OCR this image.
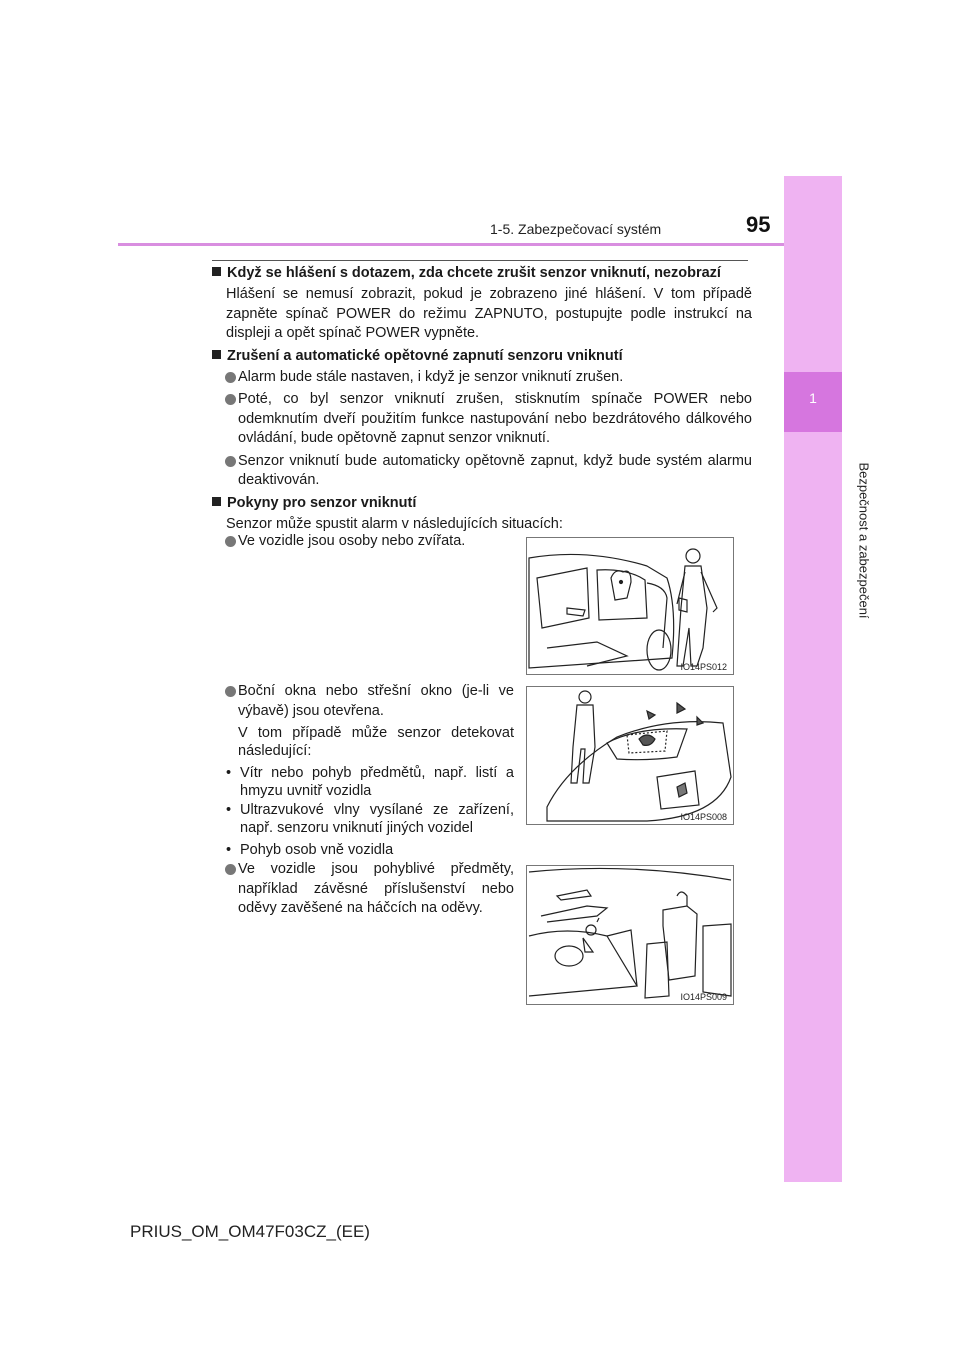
1
Bezpečnost a zabezpečení
1-5. Zabezpečovací systém	95
Když se hlášení s dotazem, zda chcete zrušit senzor vniknutí, nezobrazí
Hlášení se nemusí zobrazit, pokud je zobrazeno jiné hlášení. V tom případě zapněte spínač POWER do režimu ZAPNUTO, postupujte podle instrukcí na displeji a opět spínač POWER vypněte.
Zrušení a automatické opětovné zapnutí senzoru vniknutí
Alarm bude stále nastaven, i když je senzor vniknutí zrušen.
Poté, co byl senzor vniknutí zrušen, stisknutím spínače POWER nebo odemknutím dveří použitím funkce nastupování nebo bezdrátového dálkového ovládání, bude opětovně zapnut senzor vniknutí.
Senzor vniknutí bude automaticky opětovně zapnut, když bude systém alarmu deaktivován.
Pokyny pro senzor vniknutí
Senzor může spustit alarm v následujících situacích:
Ve vozidle jsou osoby nebo zvířata.
IO14PS012
Boční okna nebo střešní okno (je-li ve výbavě) jsou otevřena.
V tom případě může senzor detekovat následující:
• Vítr nebo pohyb předmětů, např. listí a hmyzu uvnitř vozidla
• Ultrazvukové vlny vysílané ze zařízení, např. senzoru vniknutí jiných vozidel
• Pohyb osob vně vozidla
IO14PS008
Ve vozidle jsou pohyblivé předměty, například závěsné příslušenství nebo oděvy zavěšené na háčcích na oděvy.
IO14PS009
PRIUS_OM_OM47F03CZ_(EE)
